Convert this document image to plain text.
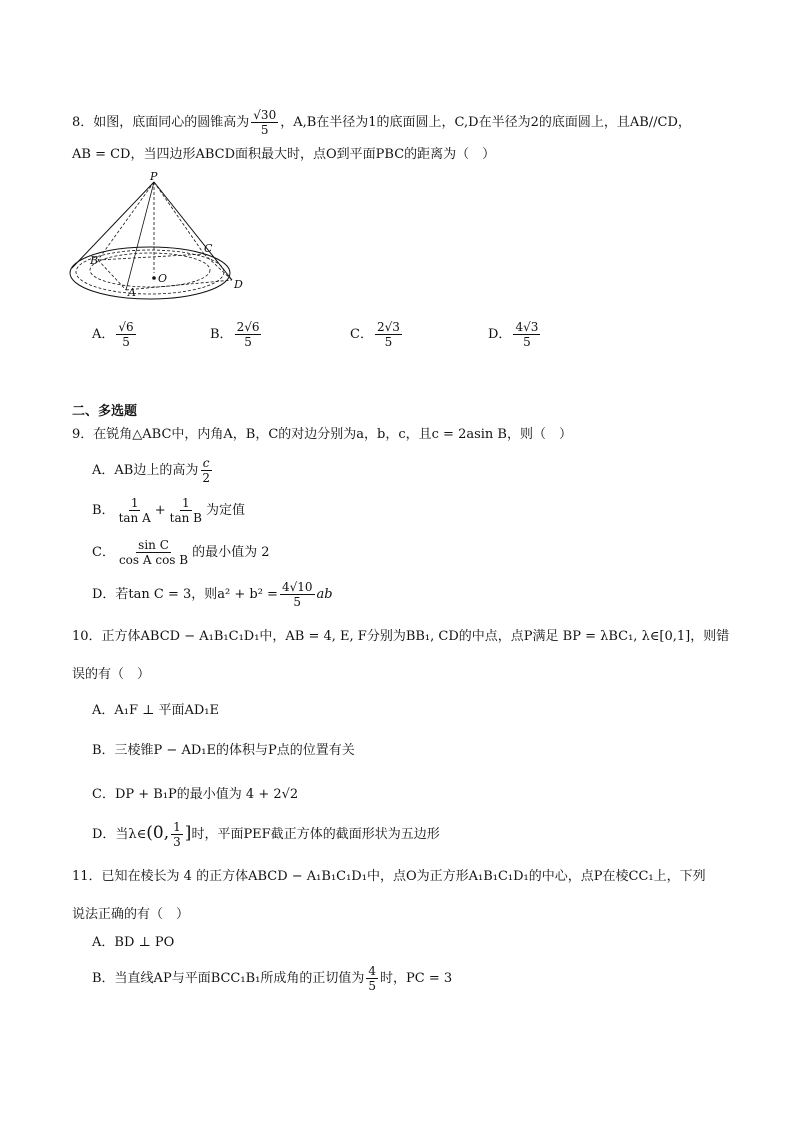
8．如图，底面同心的圆锥高为 $\frac{√30}{5}$ ，A,B在半径为1的底面圆上，C,D在半径为2的底面圆上，且AB//CD，
AB = CD，当四边形ABCD面积最大时，点O到平面PBC的距离为（　）
P
B
C
O
A
D
A． $\frac{√6}{5}$	B． $\frac{2√6}{5}$	C． $\frac{2√3}{5}$	D． $\frac{4√3}{5}$
二、多选题
9．在锐角△ABC中，内角A，B，C的对边分别为a，b，c，且c = 2asin B，则（　）
A．AB边上的高为 $\frac{c}{2}$
B． $\frac{1}{\text{tan A}} + \frac{1}{\text{tan B}}$ 为定值
C． $\frac{\text{sin C}}{\text{cos A cos B}}$ 的最小值为 2
D．若tan C = 3，则$a^2 + b^2 = \frac{4√10}{5}$ ab
10．正方体ABCD − A₁B₁C₁D₁中，AB = 4, E, F分别为BB₁, CD的中点，点P满足 BP = λBC₁, λ∈[0,1]，则错
误的有（　）
A．A₁F ⊥ 平面AD₁E
B．三棱锥P − AD₁E的体积与P点的位置有关
C．DP + B₁P的最小值为 4 + 2√2
D．当λ∈(0, $\frac{1}{3}$ ]时，平面PEF截正方体的截面形状为五边形
11．已知在棱长为 4 的正方体ABCD − A₁B₁C₁D₁中，点O为正方形A₁B₁C₁D₁的中心，点P在棱CC₁上，下列
说法正确的有（　）
A．BD ⊥ PO
B．当直线AP与平面BCC₁B₁所成角的正切值为 $\frac{4}{5}$ 时，PC = 3
